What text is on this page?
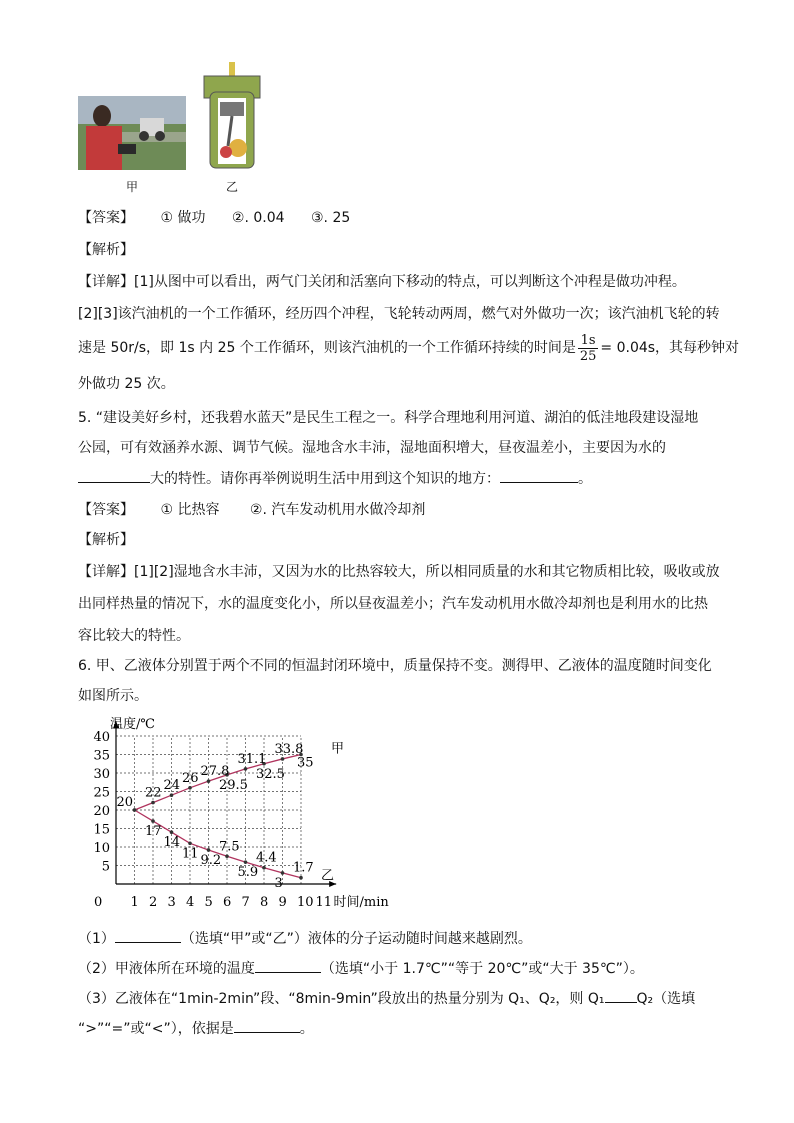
甲	乙
【答案】 ① 做功 ②. 0.04 ③. 25
【解析】
【详解】[1]从图中可以看出，两气门关闭和活塞向下移动的特点，可以判断这个冲程是做功冲程。
[2][3]该汽油机的一个工作循环，经历四个冲程，飞轮转动两周，燃气对外做功一次；该汽油机飞轮的转
速是 50r/s，即 1s 内 25 个工作循环，则该汽油机的一个工作循环持续的时间是 $\frac{1s}{25} = 0.04s$，其每秒钟对
外做功 25 次。
5. “建设美好乡村，还我碧水蓝天”是民生工程之一。科学合理地利用河道、湖泊的低洼地段建设湿地
公园，可有效涵养水源、调节气候。湿地含水丰沛，湿地面积增大，昼夜温差小，主要因为水的
大的特性。请你再举例说明生活中用到这个知识的地方：	。
【答案】 ① 比热容 ②. 汽车发动机用水做冷却剂
【解析】
【详解】[1][2]湿地含水丰沛，又因为水的比热容较大，所以相同质量的水和其它物质相比较，吸收或放
出同样热量的情况下，水的温度变化小，所以昼夜温差小；汽车发动机用水做冷却剂也是利用水的比热
容比较大的特性。
6. 甲、乙液体分别置于两个不同的恒温封闭环境中，质量保持不变。测得甲、乙液体的温度随时间变化
如图所示。
0 1 2 3 4 5 6 7 8 9 10 11
5
10
15
20
25
30
35
40
温度/℃
时间/min
20
22 24 26 27.8
29.5
31.1
32.5
33.8
35
甲
17
14
11 9.2
7.5
5.9
4.4
3
1.7
乙
（1）	（选填“甲”或“乙”）液体的分子运动随时间越来越剧烈。
（2）甲液体所在环境的温度	（选填“小于 1.7℃”“等于 20℃”或“大于 35℃”）。
（3）乙液体在“1min-2min”段、“8min-9min”段放出的热量分别为 Q₁、Q₂，则 Q₁ Q₂（选填
“>”“=”或“<”），依据是	。
